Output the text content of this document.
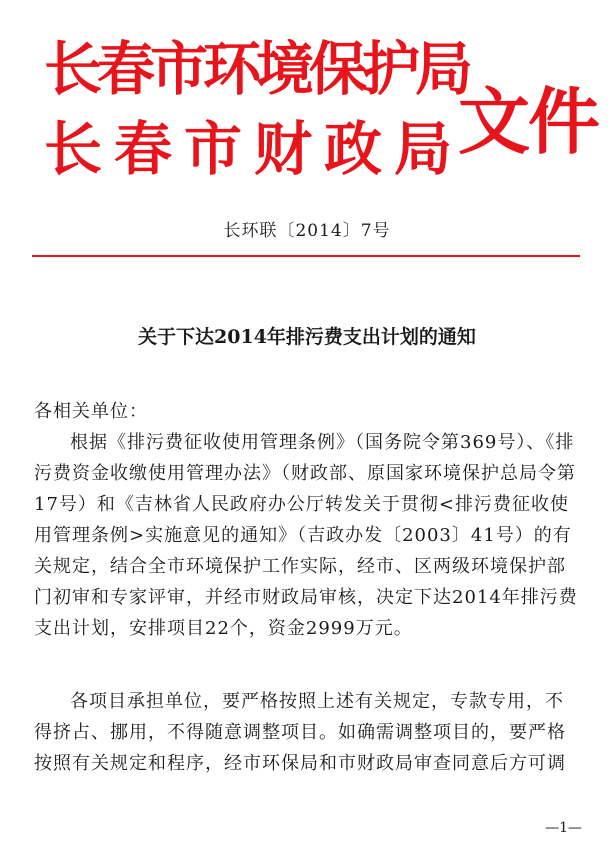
长春市环境保护局
长春市财政局
文件
长环联〔2014〕7号
关于下达2014年排污费支出计划的通知
各相关单位：
根据《排污费征收使用管理条例》（国务院令第369号）、《排污费资金收缴使用管理办法》（财政部、原国家环境保护总局令第17号）和《吉林省人民政府办公厅转发关于贯彻<排污费征收使用管理条例>实施意见的通知》（吉政办发〔2003〕41号）的有关规定，结合全市环境保护工作实际，经市、区两级环境保护部门初审和专家评审，并经市财政局审核，决定下达2014年排污费支出计划，安排项目22个，资金2999万元。
各项目承担单位，要严格按照上述有关规定，专款专用，不得挤占、挪用，不得随意调整项目。如确需调整项目的，要严格按照有关规定和程序，经市环保局和市财政局审查同意后方可调
—1—
